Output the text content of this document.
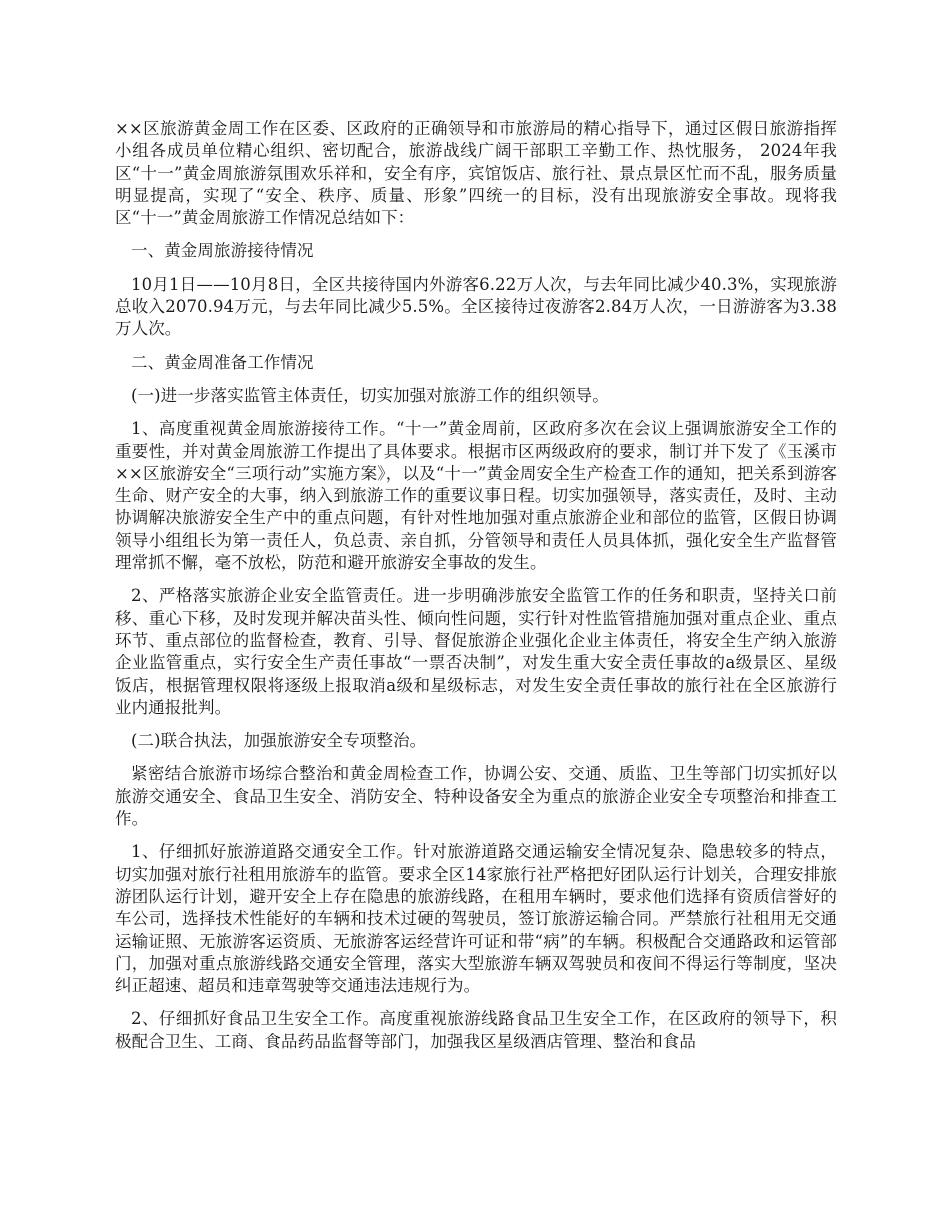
××区旅游黄金周工作在区委、区政府的正确领导和市旅游局的精心指导下，通过区假日旅游指挥小组各成员单位精心组织、密切配合，旅游战线广阔干部职工辛勤工作、热忱服务， 2024年我区“十一”黄金周旅游氛围欢乐祥和，安全有序，宾馆饭店、旅行社、景点景区忙而不乱，服务质量明显提高，实现了“安全、秩序、质量、形象”四统一的目标，没有出现旅游安全事故。现将我区“十一”黄金周旅游工作情况总结如下：

一、黄金周旅游接待情况

10月1日——10月8日，全区共接待国内外游客6.22万人次，与去年同比减少40.3%，实现旅游总收入2070.94万元，与去年同比减少5.5%。全区接待过夜游客2.84万人次，一日游游客为3.38万人次。

二、黄金周准备工作情况

(一)进一步落实监管主体责任，切实加强对旅游工作的组织领导。

1、高度重视黄金周旅游接待工作。“十一”黄金周前，区政府多次在会议上强调旅游安全工作的重要性，并对黄金周旅游工作提出了具体要求。根据市区两级政府的要求，制订并下发了《玉溪市××区旅游安全“三项行动”实施方案》，以及“十一”黄金周安全生产检查工作的通知，把关系到游客生命、财产安全的大事，纳入到旅游工作的重要议事日程。切实加强领导，落实责任，及时、主动协调解决旅游安全生产中的重点问题，有针对性地加强对重点旅游企业和部位的监管，区假日协调领导小组组长为第一责任人，负总责、亲自抓，分管领导和责任人员具体抓，强化安全生产监督管理常抓不懈，毫不放松，防范和避开旅游安全事故的发生。

2、严格落实旅游企业安全监管责任。进一步明确涉旅安全监管工作的任务和职责，坚持关口前移、重心下移，及时发现并解决苗头性、倾向性问题，实行针对性监管措施加强对重点企业、重点环节、重点部位的监督检查，教育、引导、督促旅游企业强化企业主体责任，将安全生产纳入旅游企业监管重点，实行安全生产责任事故“一票否决制”，对发生重大安全责任事故的a级景区、星级饭店，根据管理权限将逐级上报取消a级和星级标志，对发生安全责任事故的旅行社在全区旅游行业内通报批判。

(二)联合执法，加强旅游安全专项整治。

紧密结合旅游市场综合整治和黄金周检查工作，协调公安、交通、质监、卫生等部门切实抓好以旅游交通安全、食品卫生安全、消防安全、特种设备安全为重点的旅游企业安全专项整治和排查工作。

1、仔细抓好旅游道路交通安全工作。针对旅游道路交通运输安全情况复杂、隐患较多的特点，切实加强对旅行社租用旅游车的监管。要求全区14家旅行社严格把好团队运行计划关，合理安排旅游团队运行计划，避开安全上存在隐患的旅游线路，在租用车辆时，要求他们选择有资质信誉好的车公司，选择技术性能好的车辆和技术过硬的驾驶员，签订旅游运输合同。严禁旅行社租用无交通运输证照、无旅游客运资质、无旅游客运经营许可证和带“病”的车辆。积极配合交通路政和运管部门，加强对重点旅游线路交通安全管理，落实大型旅游车辆双驾驶员和夜间不得运行等制度，坚决纠正超速、超员和违章驾驶等交通违法违规行为。

2、仔细抓好食品卫生安全工作。高度重视旅游线路食品卫生安全工作，在区政府的领导下，积极配合卫生、工商、食品药品监督等部门，加强我区星级酒店管理、整治和食品
